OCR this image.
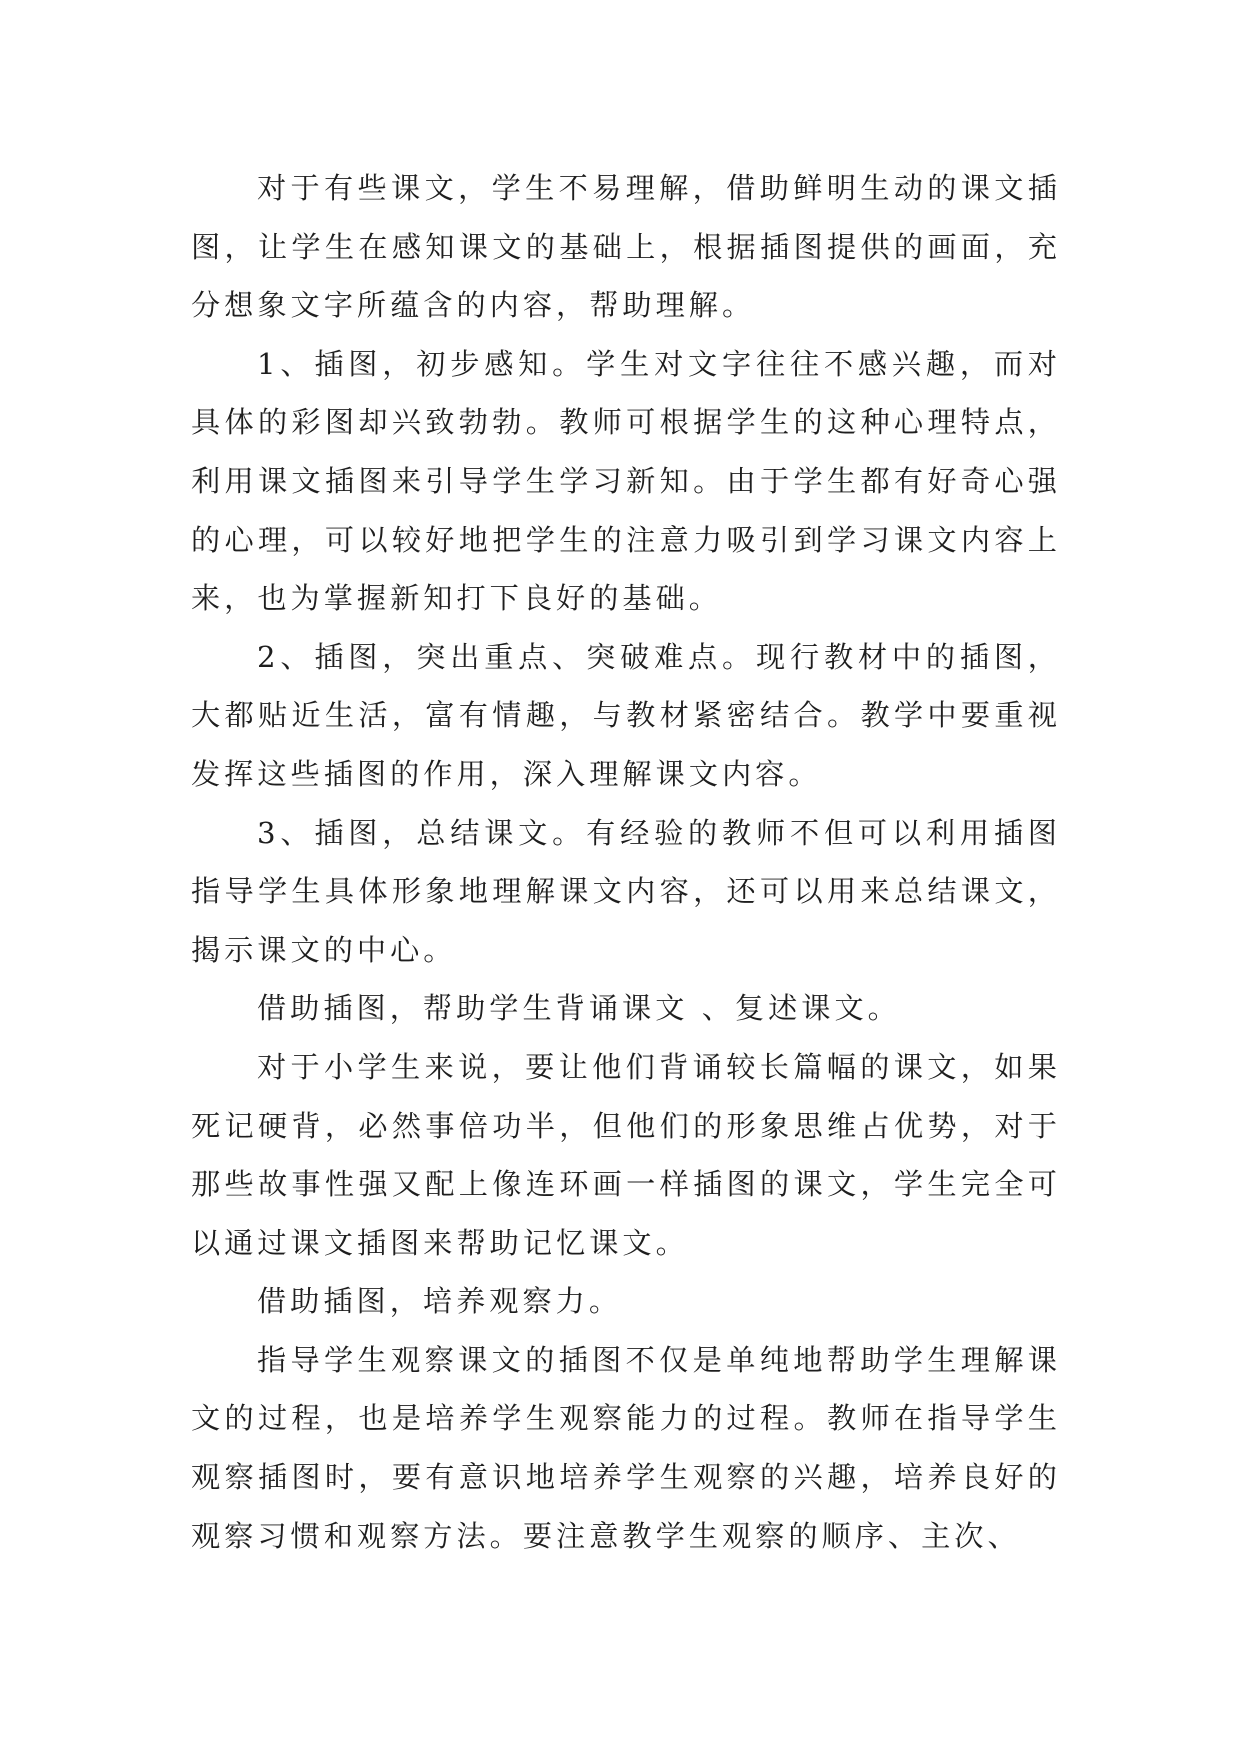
对于有些课文，学生不易理解，借助鲜明生动的课文插图，让学生在感知课文的基础上，根据插图提供的画面，充分想象文字所蕴含的内容，帮助理解。

1、插图，初步感知。学生对文字往往不感兴趣，而对具体的彩图却兴致勃勃。教师可根据学生的这种心理特点，利用课文插图来引导学生学习新知。由于学生都有好奇心强的心理，可以较好地把学生的注意力吸引到学习课文内容上来，也为掌握新知打下良好的基础。

2、插图，突出重点、突破难点。现行教材中的插图，大都贴近生活，富有情趣，与教材紧密结合。教学中要重视发挥这些插图的作用，深入理解课文内容。

3、插图，总结课文。有经验的教师不但可以利用插图指导学生具体形象地理解课文内容，还可以用来总结课文，揭示课文的中心。

借助插图，帮助学生背诵课文 、复述课文。

对于小学生来说，要让他们背诵较长篇幅的课文，如果死记硬背，必然事倍功半，但他们的形象思维占优势，对于那些故事性强又配上像连环画一样插图的课文，学生完全可以通过课文插图来帮助记忆课文。

借助插图，培养观察力。

指导学生观察课文的插图不仅是单纯地帮助学生理解课文的过程，也是培养学生观察能力的过程。教师在指导学生观察插图时，要有意识地培养学生观察的兴趣，培养良好的观察习惯和观察方法。要注意教学生观察的顺序、主次、
